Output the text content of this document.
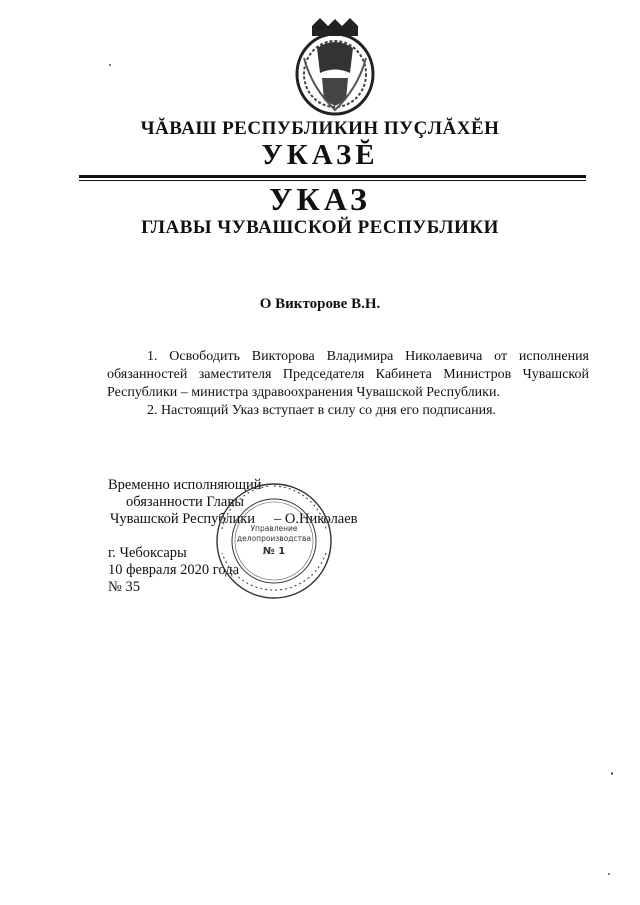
ЧĂВАШ РЕСПУБЛИКИН ПУÇЛĂХĔН
УКАЗĔ
УКАЗ
ГЛАВЫ ЧУВАШСКОЙ РЕСПУБЛИКИ
О Викторове В.Н.

1. Освободить Викторова Владимира Николаевича от исполнения обязанностей заместителя Председателя Кабинета Министров Чувашской Республики – министра здравоохранения Чувашской Республики.

2. Настоящий Указ вступает в силу со дня его подписания.

Временно исполняющий
обязанности Главы
Чувашской Республики – О.Николаев
г. Чебоксары
10 февраля 2020 года
№ 35
Управление
делопроизводства
№ 1
